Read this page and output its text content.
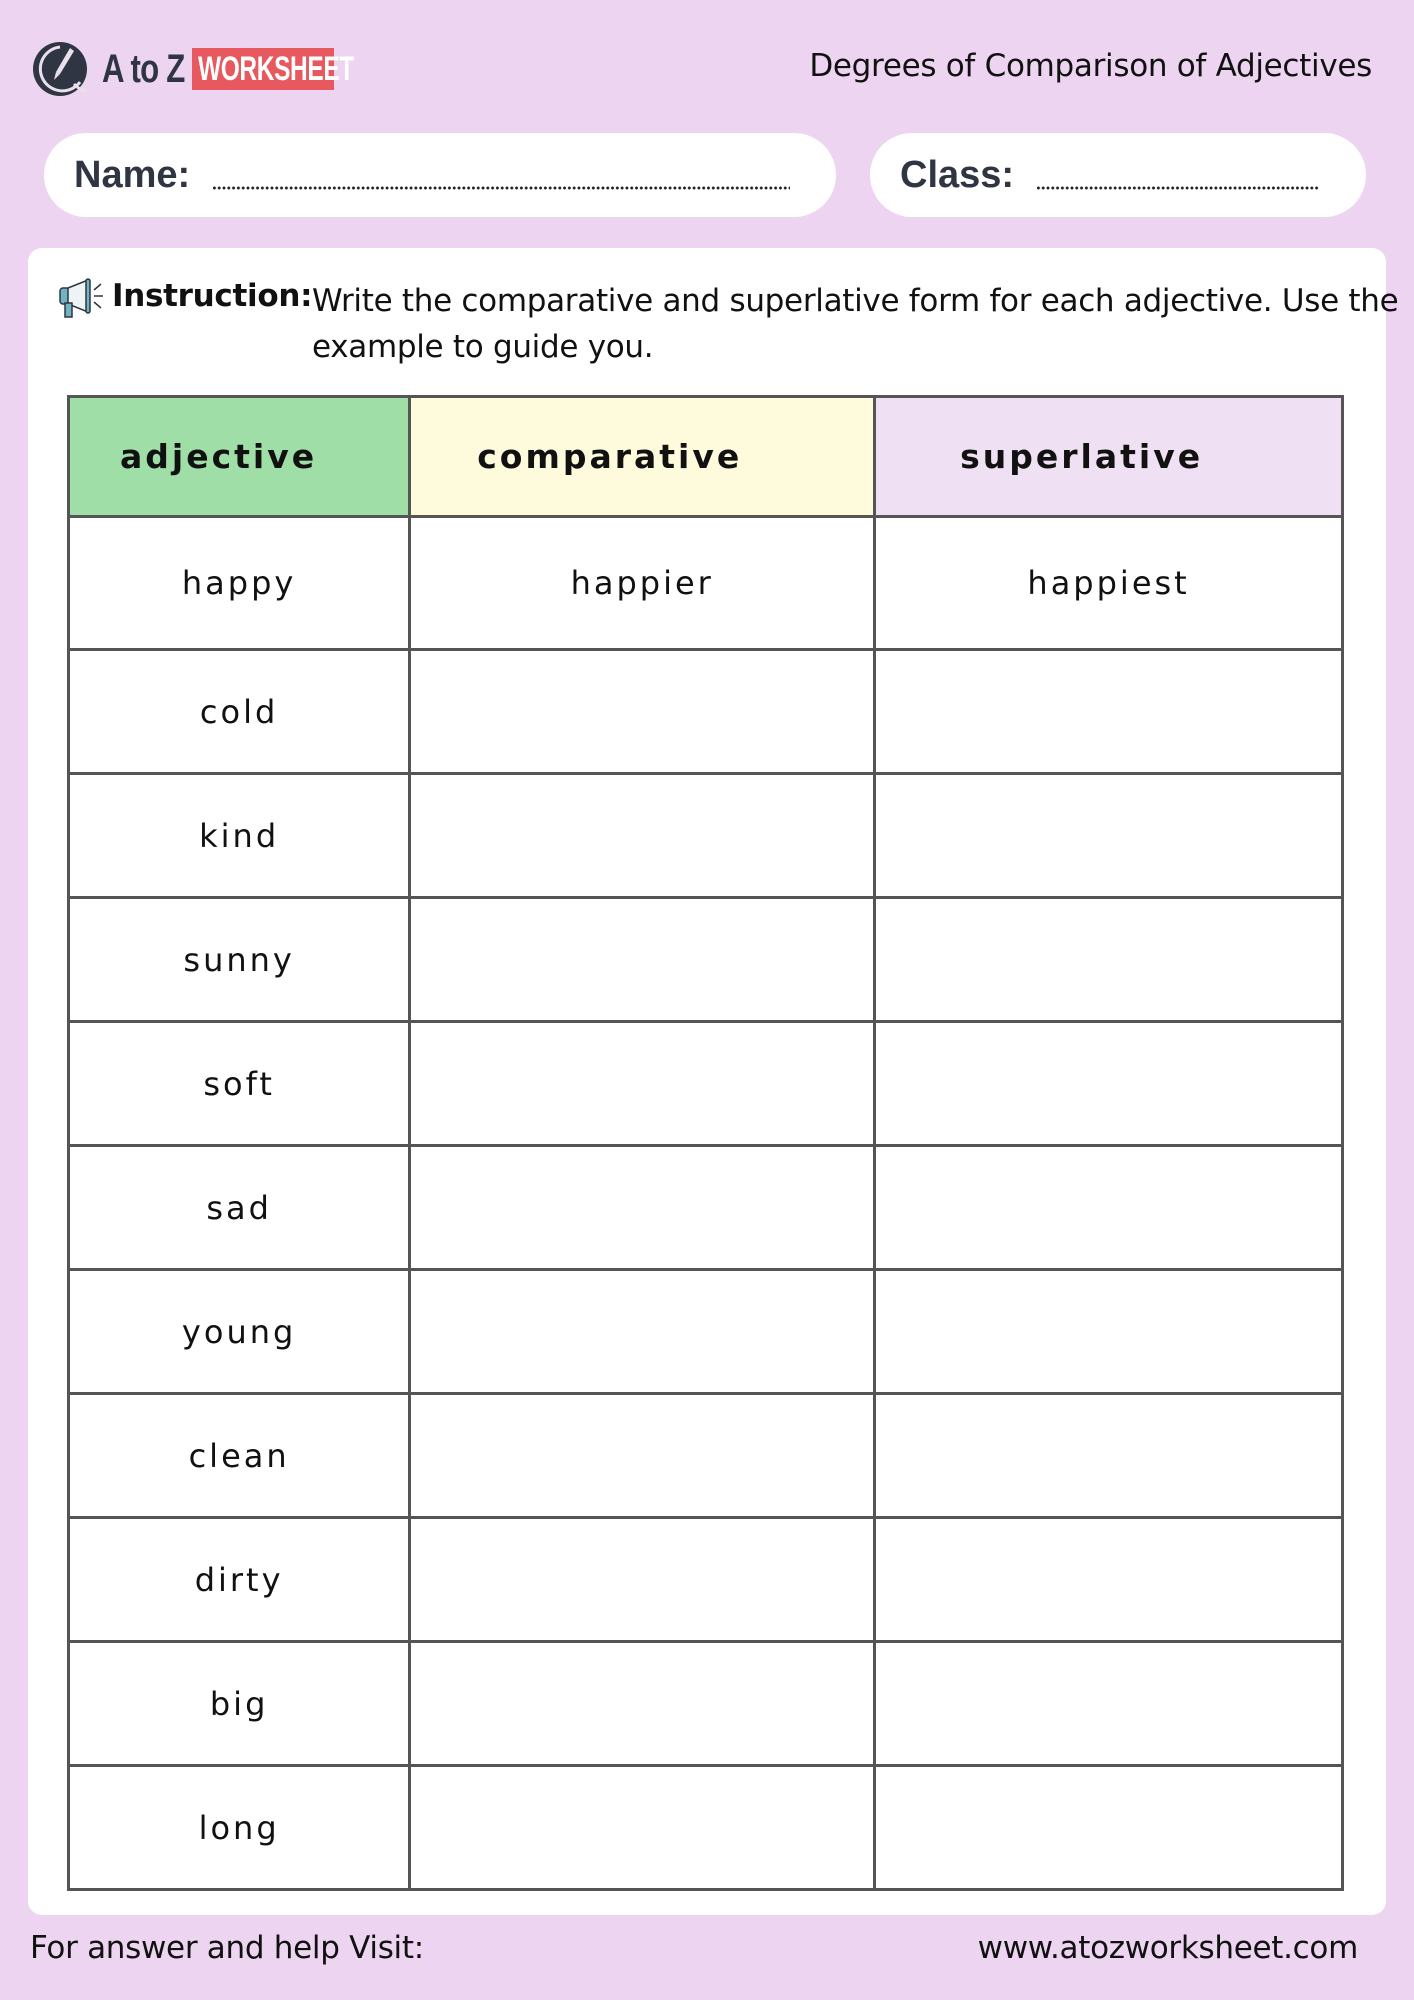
A to Z WORKSHEET	Degrees of Comparison of Adjectives
Name:	Class:
Instruction: Write the comparative and superlative form for each adjective. Use the example to guide you.
adjective	comparative	superlative
happy	happier	happiest
cold		
kind		
sunny		
soft		
sad		
young		
clean		
dirty		
big		
long		
For answer and help Visit:	www.atozworksheet.com
